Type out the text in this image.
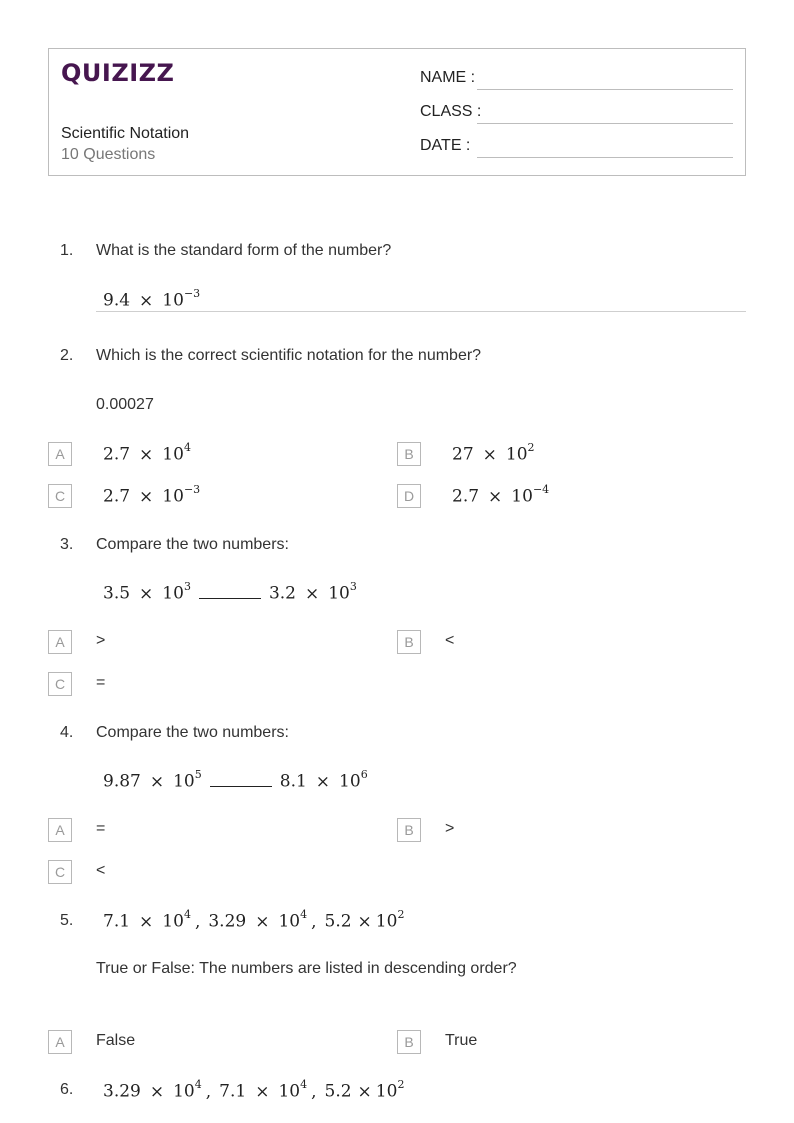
QUIZIZZ
Scientific Notation
10 Questions
NAME :
CLASS :
DATE :
1. What is the standard form of the number?
$9.4 \times 10^{-3}$
2. Which is the correct scientific notation for the number?
0.00027
A	$2.7 \times 10^4$	B	$27 \times 10^2$
C	$2.7 \times 10^{-3}$	D	$2.7 \times 10^{-4}$
3. Compare the two numbers:
$3.5 \times 10^3$	$3.2 \times 10^3$
A	>	B	<
C	=
4. Compare the two numbers:
$9.87 \times 10^5$	$8.1 \times 10^6$
A	=	B	>
C	<
5. $7.1 \times 10^4$ , $3.29 \times 10^4$ , $5.2 \times 10^2$
True or False: The numbers are listed in descending order?
A	False	B	True
6. $3.29 \times 10^4$ , $7.1 \times 10^4$ , $5.2 \times 10^2$
